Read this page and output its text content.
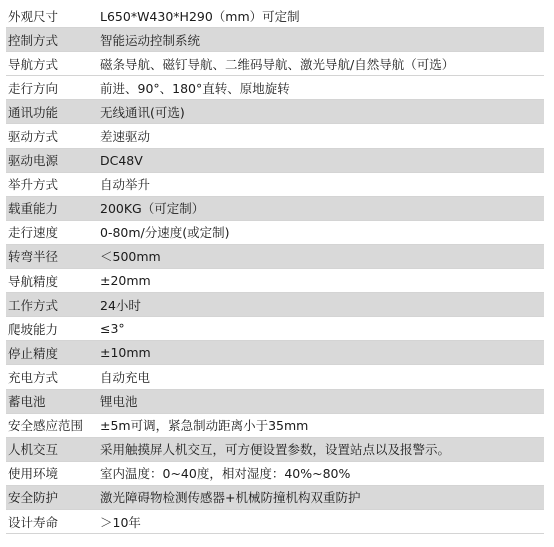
外观尺寸	L650*W430*H290（mm）可定制
控制方式	智能运动控制系统
导航方式	磁条导航、磁钉导航、二维码导航、激光导航/自然导航（可选）
走行方向	前进、90°、180°直转、原地旋转
通讯功能	无线通讯(可选)
驱动方式	差速驱动
驱动电源	DC48V
举升方式	自动举升
载重能力	200KG（可定制）
走行速度	0-80m/分速度(或定制)
转弯半径	＜500mm
导航精度	±20mm
工作方式	24小时
爬坡能力	≤3°
停止精度	±10mm
充电方式	自动充电
蓄电池	锂电池
安全感应范围	±5m可调，紧急制动距离小于35mm
人机交互	采用触摸屏人机交互，可方便设置参数，设置站点以及报警示。
使用环境	室内温度：0~40度，相对湿度：40%~80%
安全防护	激光障碍物检测传感器+机械防撞机构双重防护
设计寿命	＞10年
